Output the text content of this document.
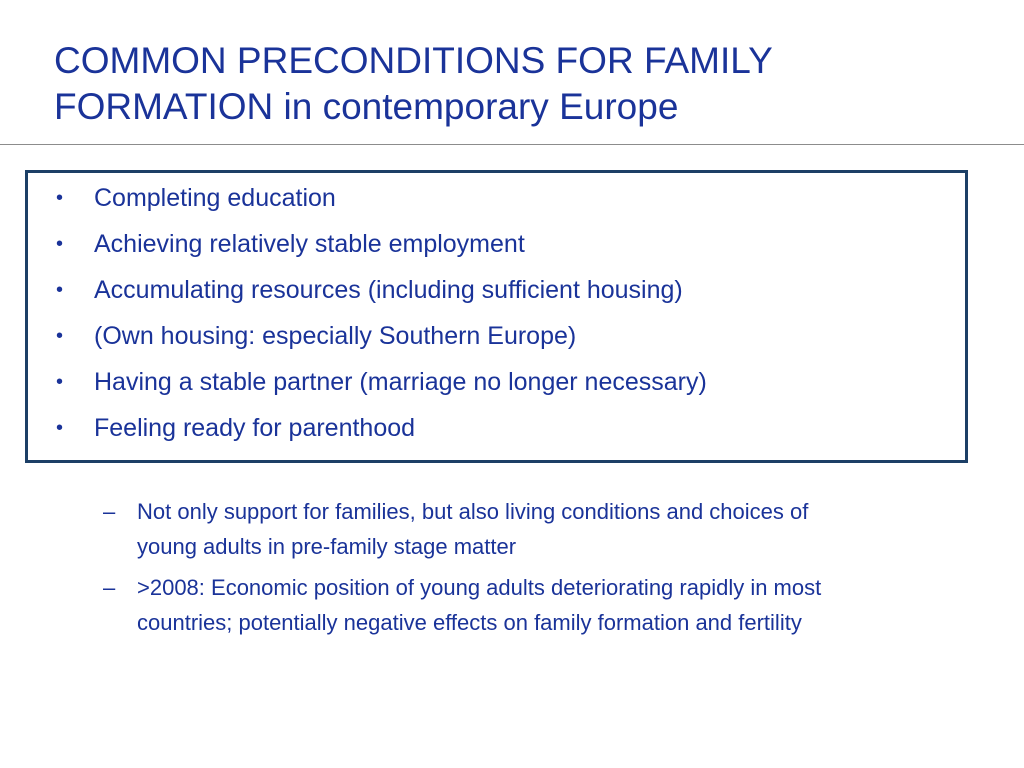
COMMON PRECONDITIONS FOR FAMILY
FORMATION in contemporary Europe
• Completing education
• Achieving relatively stable employment
• Accumulating resources (including sufficient housing)
• (Own housing: especially Southern Europe)
• Having a stable partner (marriage no longer necessary)
• Feeling ready for parenthood
– Not only support for families, but also living conditions and choices of
young adults in pre-family stage matter
– >2008: Economic position of young adults deteriorating rapidly in most
countries; potentially negative effects on family formation and fertility
